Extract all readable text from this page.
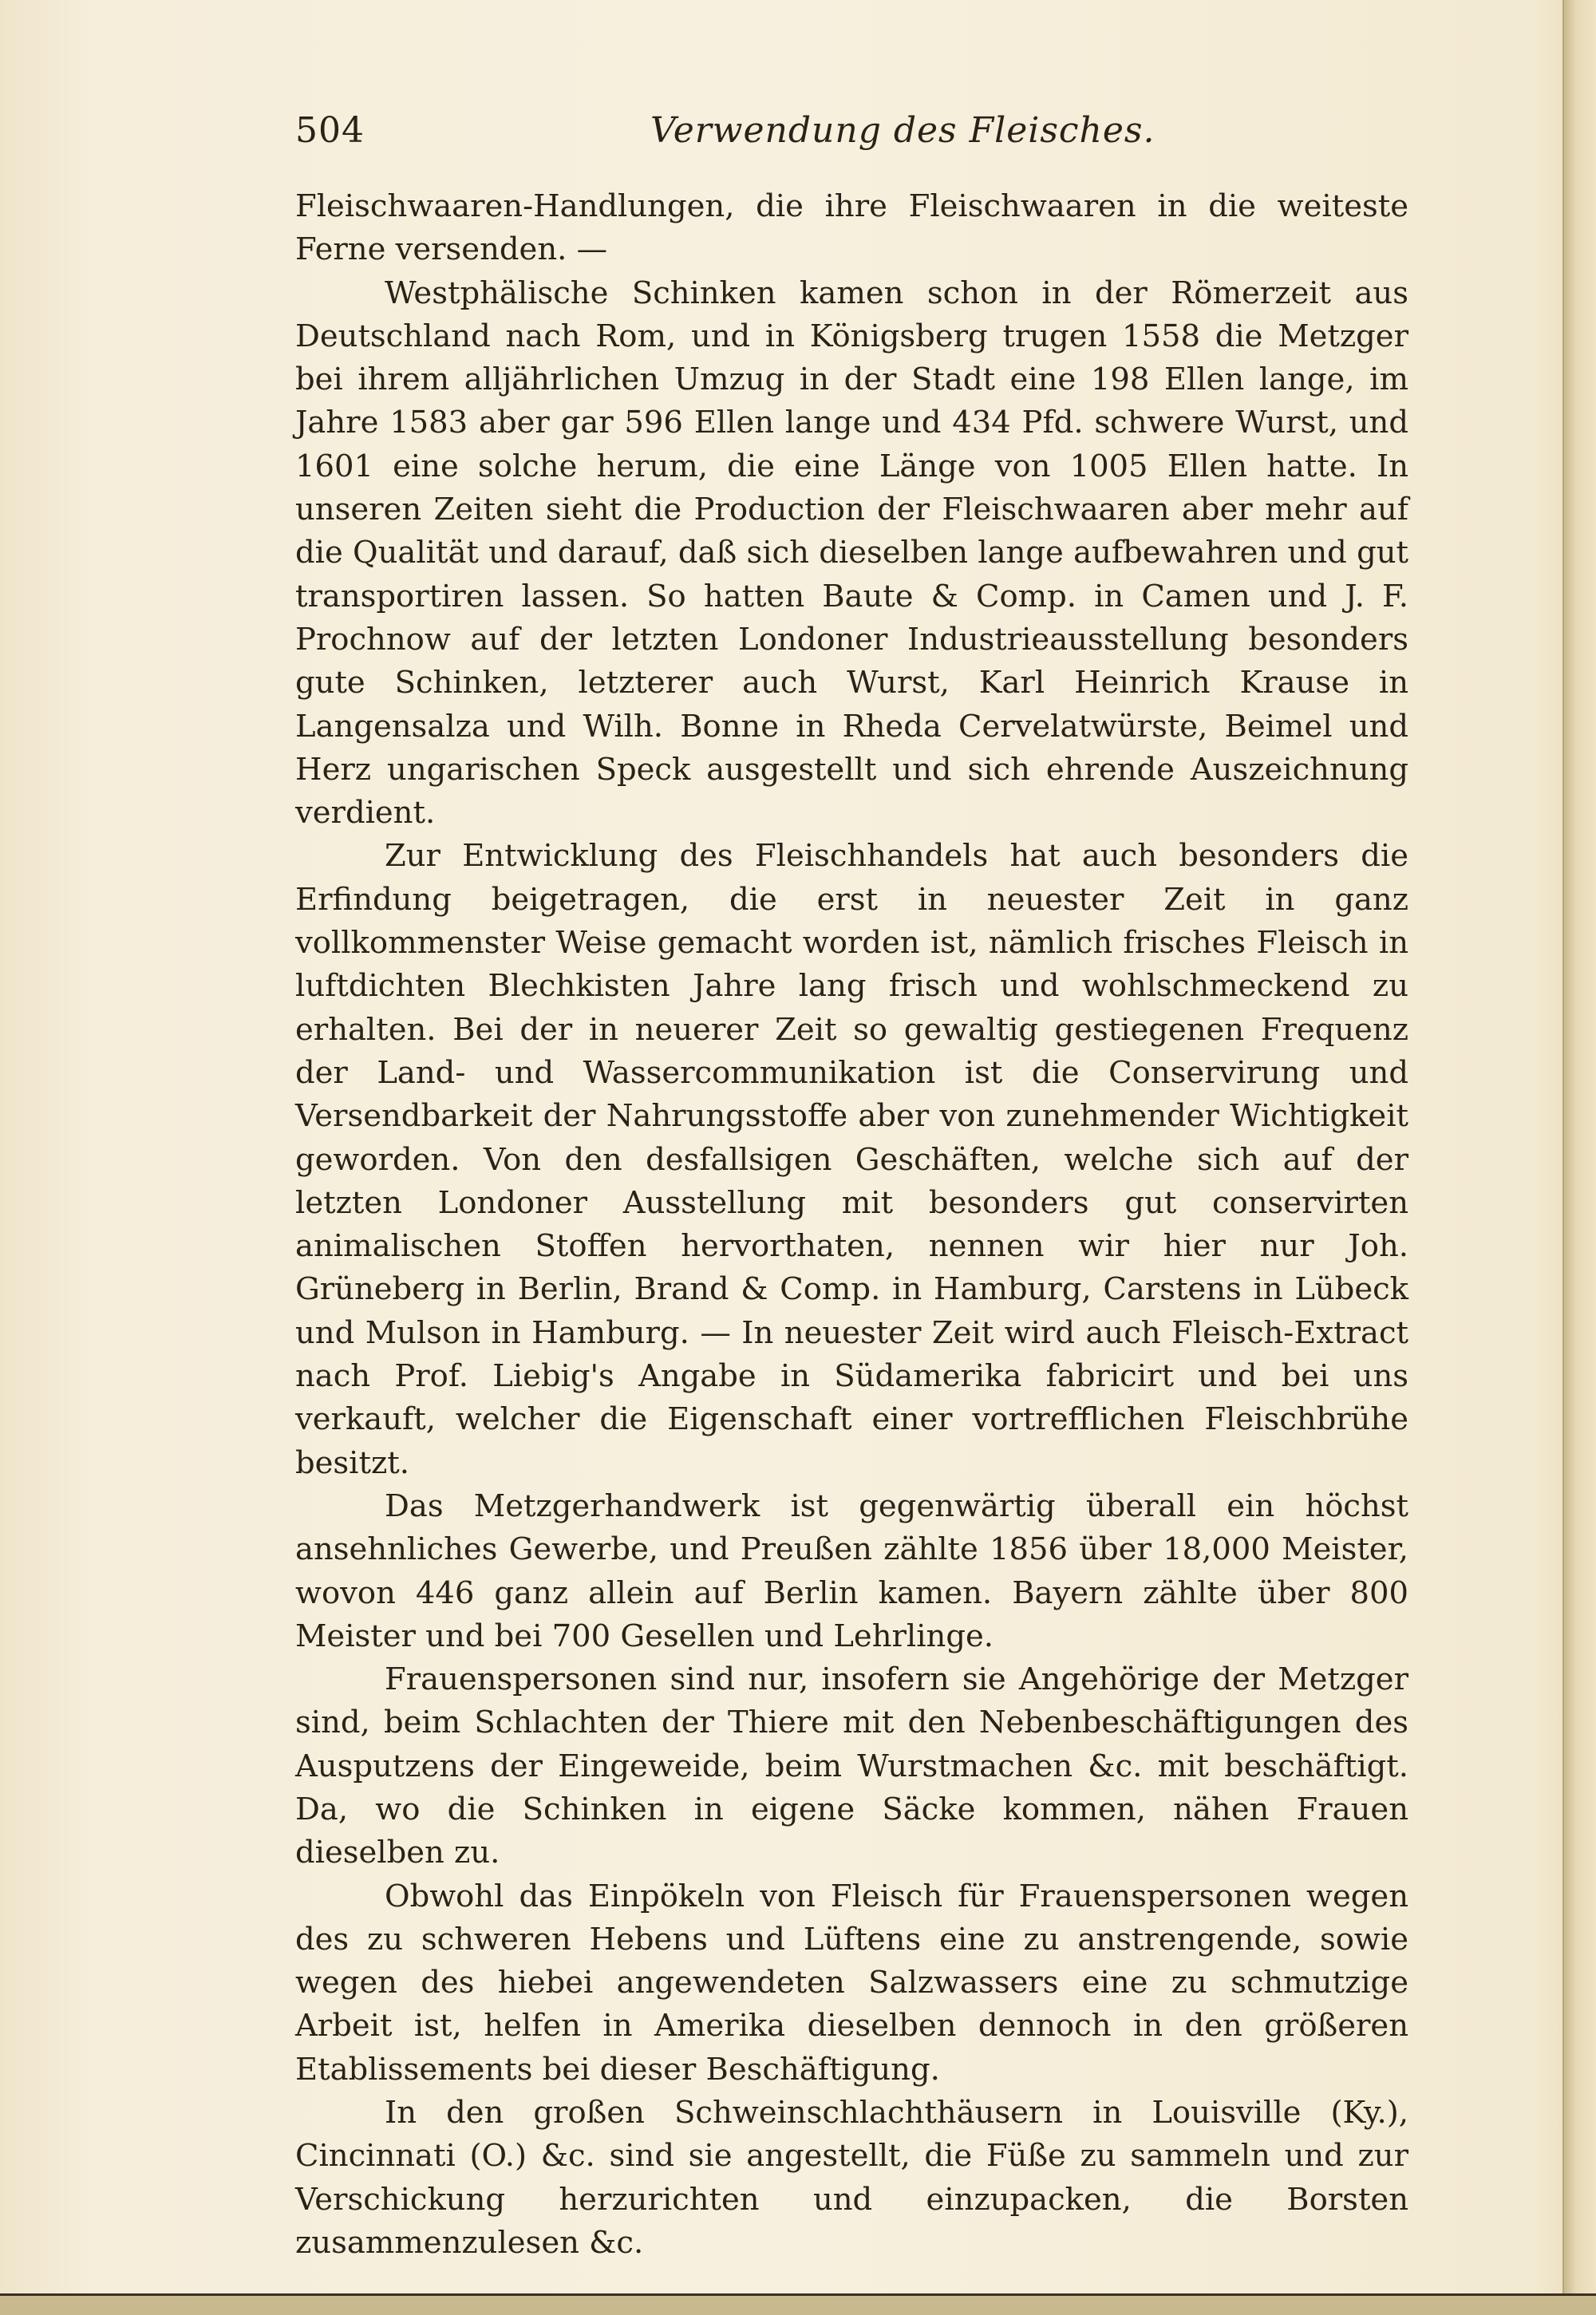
504	Verwendung des Fleisches.

Fleischwaaren-Handlungen, die ihre Fleischwaaren in die weiteste Ferne versenden. —

Westphälische Schinken kamen schon in der Römerzeit aus Deutschland nach Rom, und in Königsberg trugen 1558 die Metzger bei ihrem alljährlichen Umzug in der Stadt eine 198 Ellen lange, im Jahre 1583 aber gar 596 Ellen lange und 434 Pfd. schwere Wurst, und 1601 eine solche herum, die eine Länge von 1005 Ellen hatte. In unseren Zeiten sieht die Production der Fleischwaaren aber mehr auf die Qualität und darauf, daß sich dieselben lange aufbewahren und gut transportiren lassen. So hatten Baute & Comp. in Camen und J. F. Prochnow auf der letzten Londoner Industrieausstellung besonders gute Schinken, letzterer auch Wurst, Karl Heinrich Krause in Langensalza und Wilh. Bonne in Rheda Cervelatwürste, Beimel und Herz ungarischen Speck ausgestellt und sich ehrende Auszeichnung verdient.

Zur Entwicklung des Fleischhandels hat auch besonders die Erfindung beigetragen, die erst in neuester Zeit in ganz vollkommenster Weise gemacht worden ist, nämlich frisches Fleisch in luftdichten Blechkisten Jahre lang frisch und wohlschmeckend zu erhalten. Bei der in neuerer Zeit so gewaltig gestiegenen Frequenz der Land- und Wassercommunikation ist die Conservirung und Versendbarkeit der Nahrungsstoffe aber von zunehmender Wichtigkeit geworden. Von den desfallsigen Geschäften, welche sich auf der letzten Londoner Ausstellung mit besonders gut conservirten animalischen Stoffen hervorthaten, nennen wir hier nur Joh. Grüneberg in Berlin, Brand & Comp. in Hamburg, Carstens in Lübeck und Mulson in Hamburg. — In neuester Zeit wird auch Fleisch-Extract nach Prof. Liebig's Angabe in Südamerika fabricirt und bei uns verkauft, welcher die Eigenschaft einer vortrefflichen Fleischbrühe besitzt.

Das Metzgerhandwerk ist gegenwärtig überall ein höchst ansehnliches Gewerbe, und Preußen zählte 1856 über 18,000 Meister, wovon 446 ganz allein auf Berlin kamen. Bayern zählte über 800 Meister und bei 700 Gesellen und Lehrlinge.

Frauenspersonen sind nur, insofern sie Angehörige der Metzger sind, beim Schlachten der Thiere mit den Nebenbeschäftigungen des Ausputzens der Eingeweide, beim Wurstmachen &c. mit beschäftigt. Da, wo die Schinken in eigene Säcke kommen, nähen Frauen dieselben zu.

Obwohl das Einpökeln von Fleisch für Frauenspersonen wegen des zu schweren Hebens und Lüftens eine zu anstrengende, sowie wegen des hiebei angewendeten Salzwassers eine zu schmutzige Arbeit ist, helfen in Amerika dieselben dennoch in den größeren Etablissements bei dieser Beschäftigung.

In den großen Schweinschlachthäusern in Louisville (Ky.), Cincinnati (O.) &c. sind sie angestellt, die Füße zu sammeln und zur Verschickung herzurichten und einzupacken, die Borsten zusammenzulesen &c.
